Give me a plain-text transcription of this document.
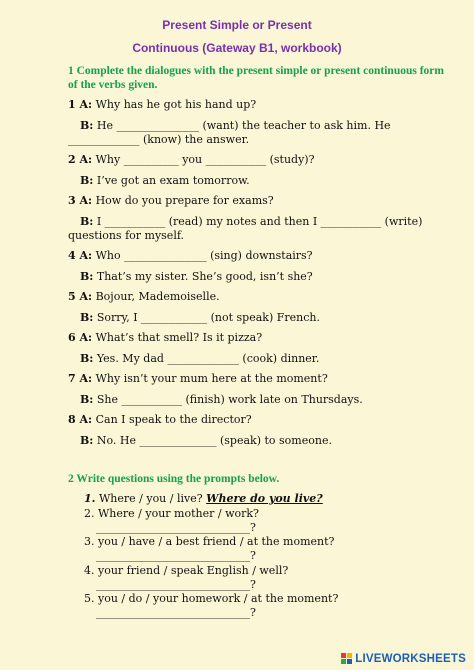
Present Simple or Present
Continuous (Gateway B1, workbook)
1 Complete the dialogues with the present simple or present continuous form of the verbs given.
1 A: Why has he got his hand up?
B: He _______________ (want) the teacher to ask him. He
_____________ (know) the answer.
2 A: Why __________ you ___________ (study)?
B: I’ve got an exam tomorrow.
3 A: How do you prepare for exams?
B: I ___________ (read) my notes and then I ___________ (write)
questions for myself.
4 A: Who _______________ (sing) downstairs?
B: That’s my sister. She’s good, isn’t she?
5 A: Bojour, Mademoiselle.
B: Sorry, I ____________ (not speak) French.
6 A: What’s that smell? Is it pizza?
B: Yes. My dad _____________ (cook) dinner.
7 A: Why isn’t your mum here at the moment?
B: She ___________ (finish) work late on Thursdays.
8 A: Can I speak to the director?
B: No. He ______________ (speak) to someone.
2 Write questions using the prompts below.
1. Where / you / live? Where do you live?
2. Where / your mother / work?
____________________________?
3. you / have / a best friend / at the moment?
____________________________?
4. your friend / speak English / well?
____________________________?
5. you / do / your homework / at the moment?
____________________________?
LIVEWORKSHEETS
